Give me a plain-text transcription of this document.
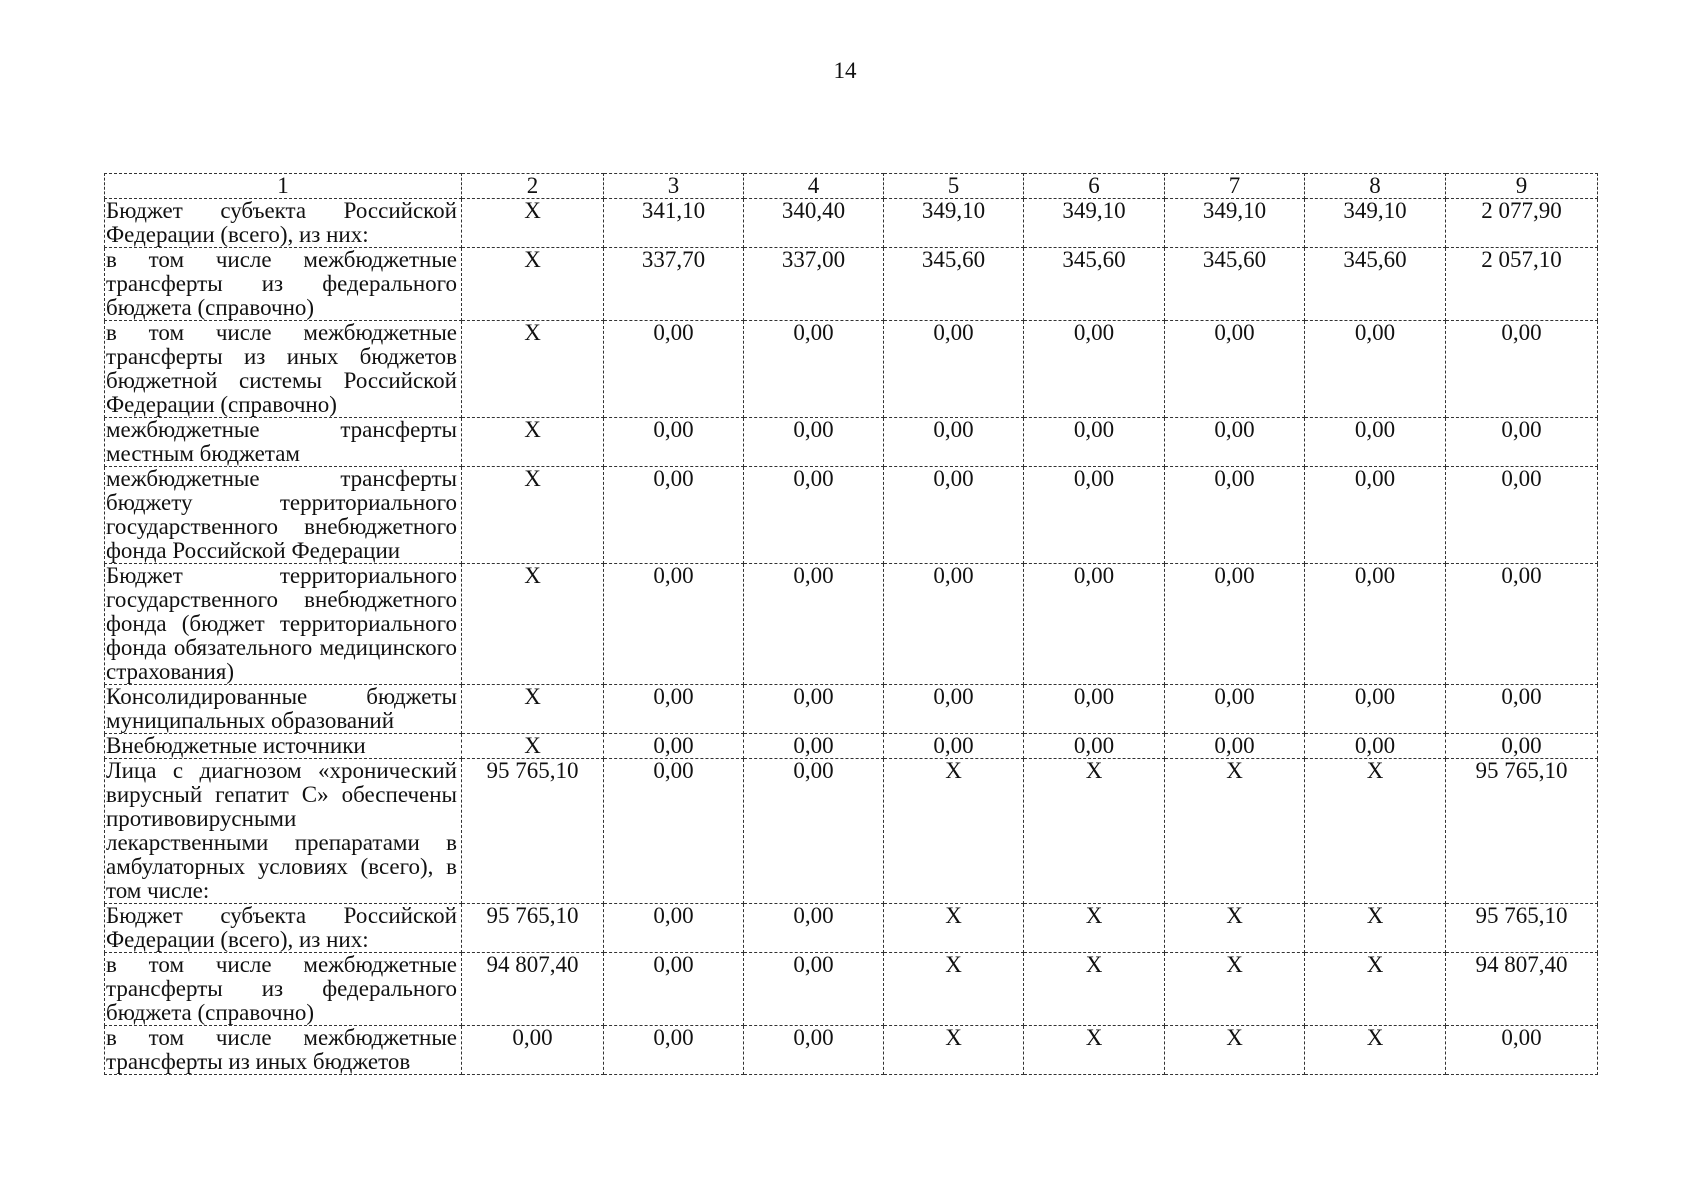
14
1	2	3	4	5	6	7	8	9
Бюджет субъекта Российской Федерации (всего), из них:	Х	341,10	340,40	349,10	349,10	349,10	349,10	2 077,90
в том числе межбюджетные трансферты из федерального бюджета (справочно)	Х	337,70	337,00	345,60	345,60	345,60	345,60	2 057,10
в том числе межбюджетные трансферты из иных бюджетов бюджетной системы Российской Федерации (справочно)	Х	0,00	0,00	0,00	0,00	0,00	0,00	0,00
межбюджетные трансферты местным бюджетам	Х	0,00	0,00	0,00	0,00	0,00	0,00	0,00
межбюджетные трансферты бюджету территориального государственного внебюджетного фонда Российской Федерации	Х	0,00	0,00	0,00	0,00	0,00	0,00	0,00
Бюджет территориального государственного внебюджетного фонда (бюджет территориального фонда обязательного медицинского страхования)	Х	0,00	0,00	0,00	0,00	0,00	0,00	0,00
Консолидированные бюджеты муниципальных образований	Х	0,00	0,00	0,00	0,00	0,00	0,00	0,00
Внебюджетные источники	Х	0,00	0,00	0,00	0,00	0,00	0,00	0,00
Лица с диагнозом «хронический вирусный гепатит С» обеспечены противовирусными лекарственными препаратами в амбулаторных условиях (всего), в том числе:	95 765,10	0,00	0,00	Х	Х	Х	Х	95 765,10
Бюджет субъекта Российской Федерации (всего), из них:	95 765,10	0,00	0,00	Х	Х	Х	Х	95 765,10
в том числе межбюджетные трансферты из федерального бюджета (справочно)	94 807,40	0,00	0,00	Х	Х	Х	Х	94 807,40
в том числе межбюджетные трансферты из иных бюджетов	0,00	0,00	0,00	Х	Х	Х	Х	0,00
